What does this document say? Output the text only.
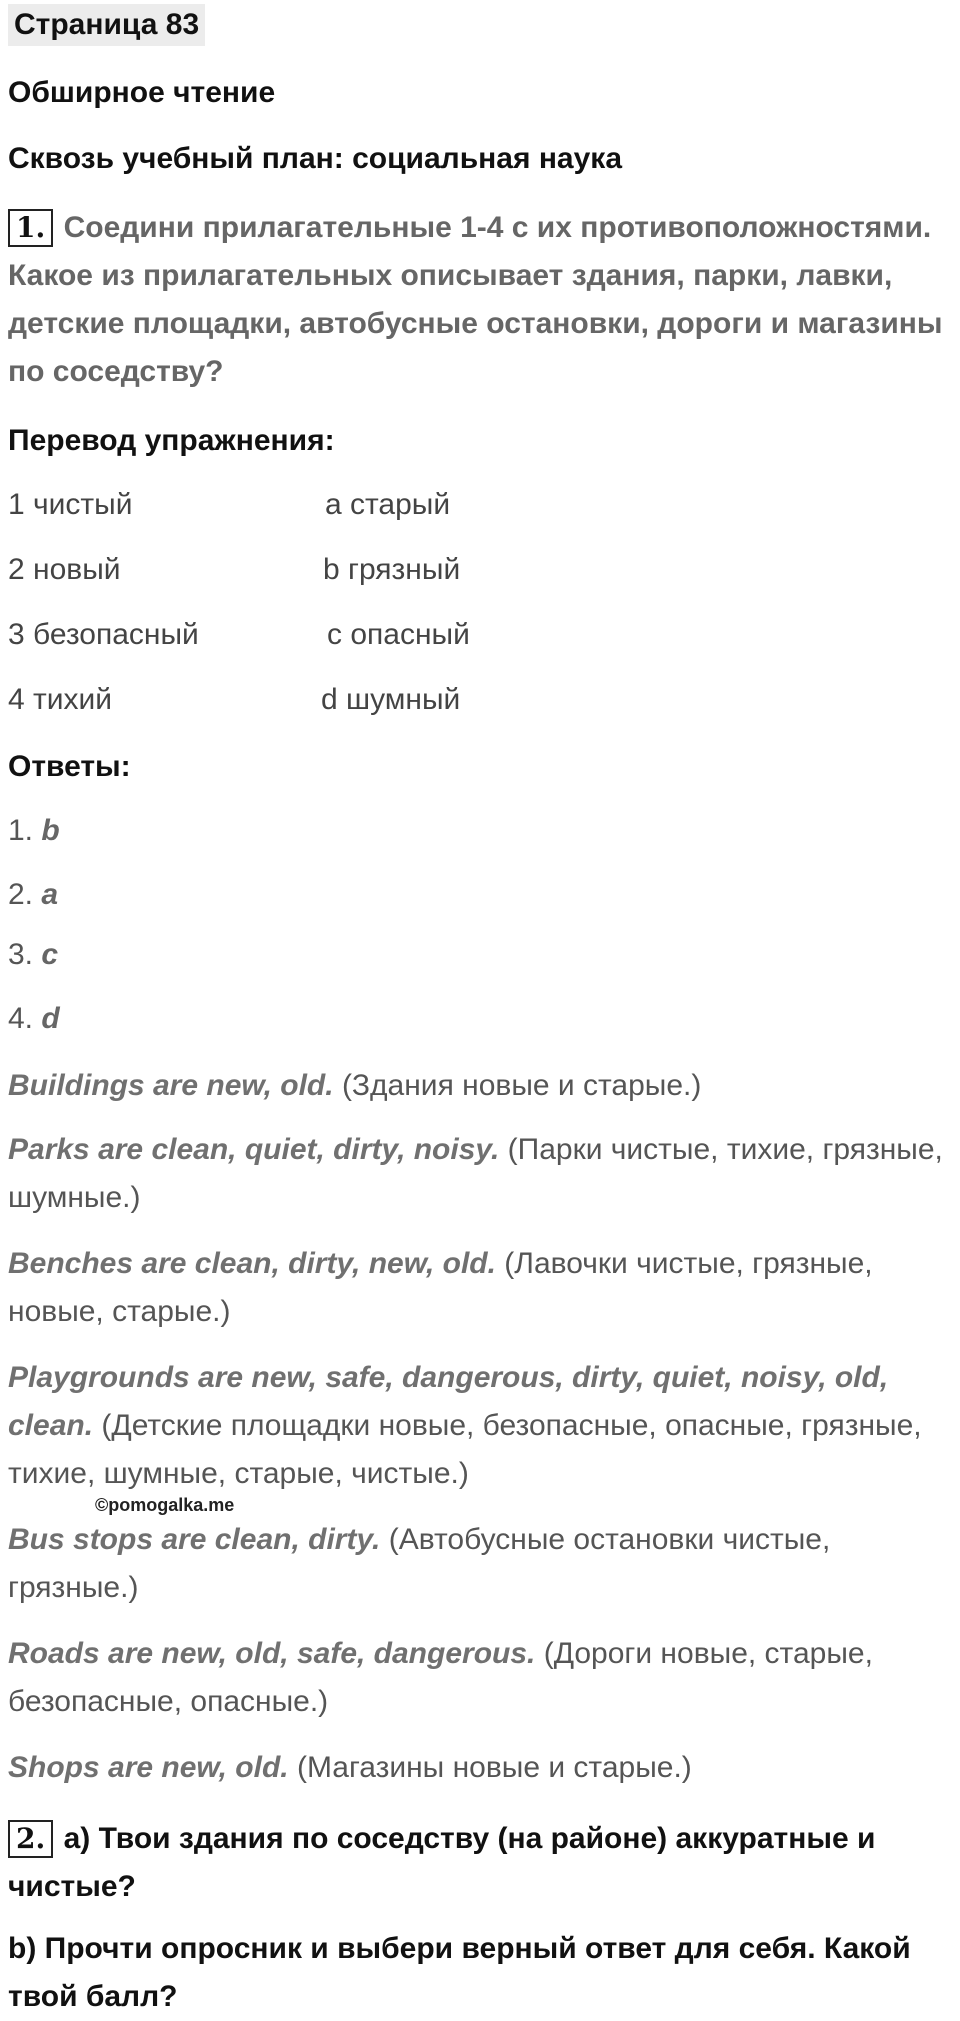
Страница 83
Обширное чтение
Сквозь учебный план: социальная наука
1. Соедини прилагательные 1-4 с их противоположностями. Какое из прилагательных описывает здания, парки, лавки, детские площадки, автобусные остановки, дороги и магазины по соседству?
Перевод упражнения:
1 чистый	a старый
2 новый	b грязный
3 безопасный	c опасный
4 тихий	d шумный
Ответы:
1. b
2. a
3. c
4. d
Buildings are new, old. (Здания новые и старые.)
Parks are clean, quiet, dirty, noisy. (Парки чистые, тихие, грязные, шумные.)
Benches are clean, dirty, new, old. (Лавочки чистые, грязные, новые, старые.)
Playgrounds are new, safe, dangerous, dirty, quiet, noisy, old, clean. (Детские площадки новые, безопасные, опасные, грязные, тихие, шумные, старые, чистые.)
©pomogalka.me
Bus stops are clean, dirty. (Автобусные остановки чистые, грязные.)
Roads are new, old, safe, dangerous. (Дороги новые, старые, безопасные, опасные.)
Shops are new, old. (Магазины новые и старые.)
2. a) Твои здания по соседству (на районе) аккуратные и чистые?
b) Прочти опросник и выбери верный ответ для себя. Какой твой балл?
